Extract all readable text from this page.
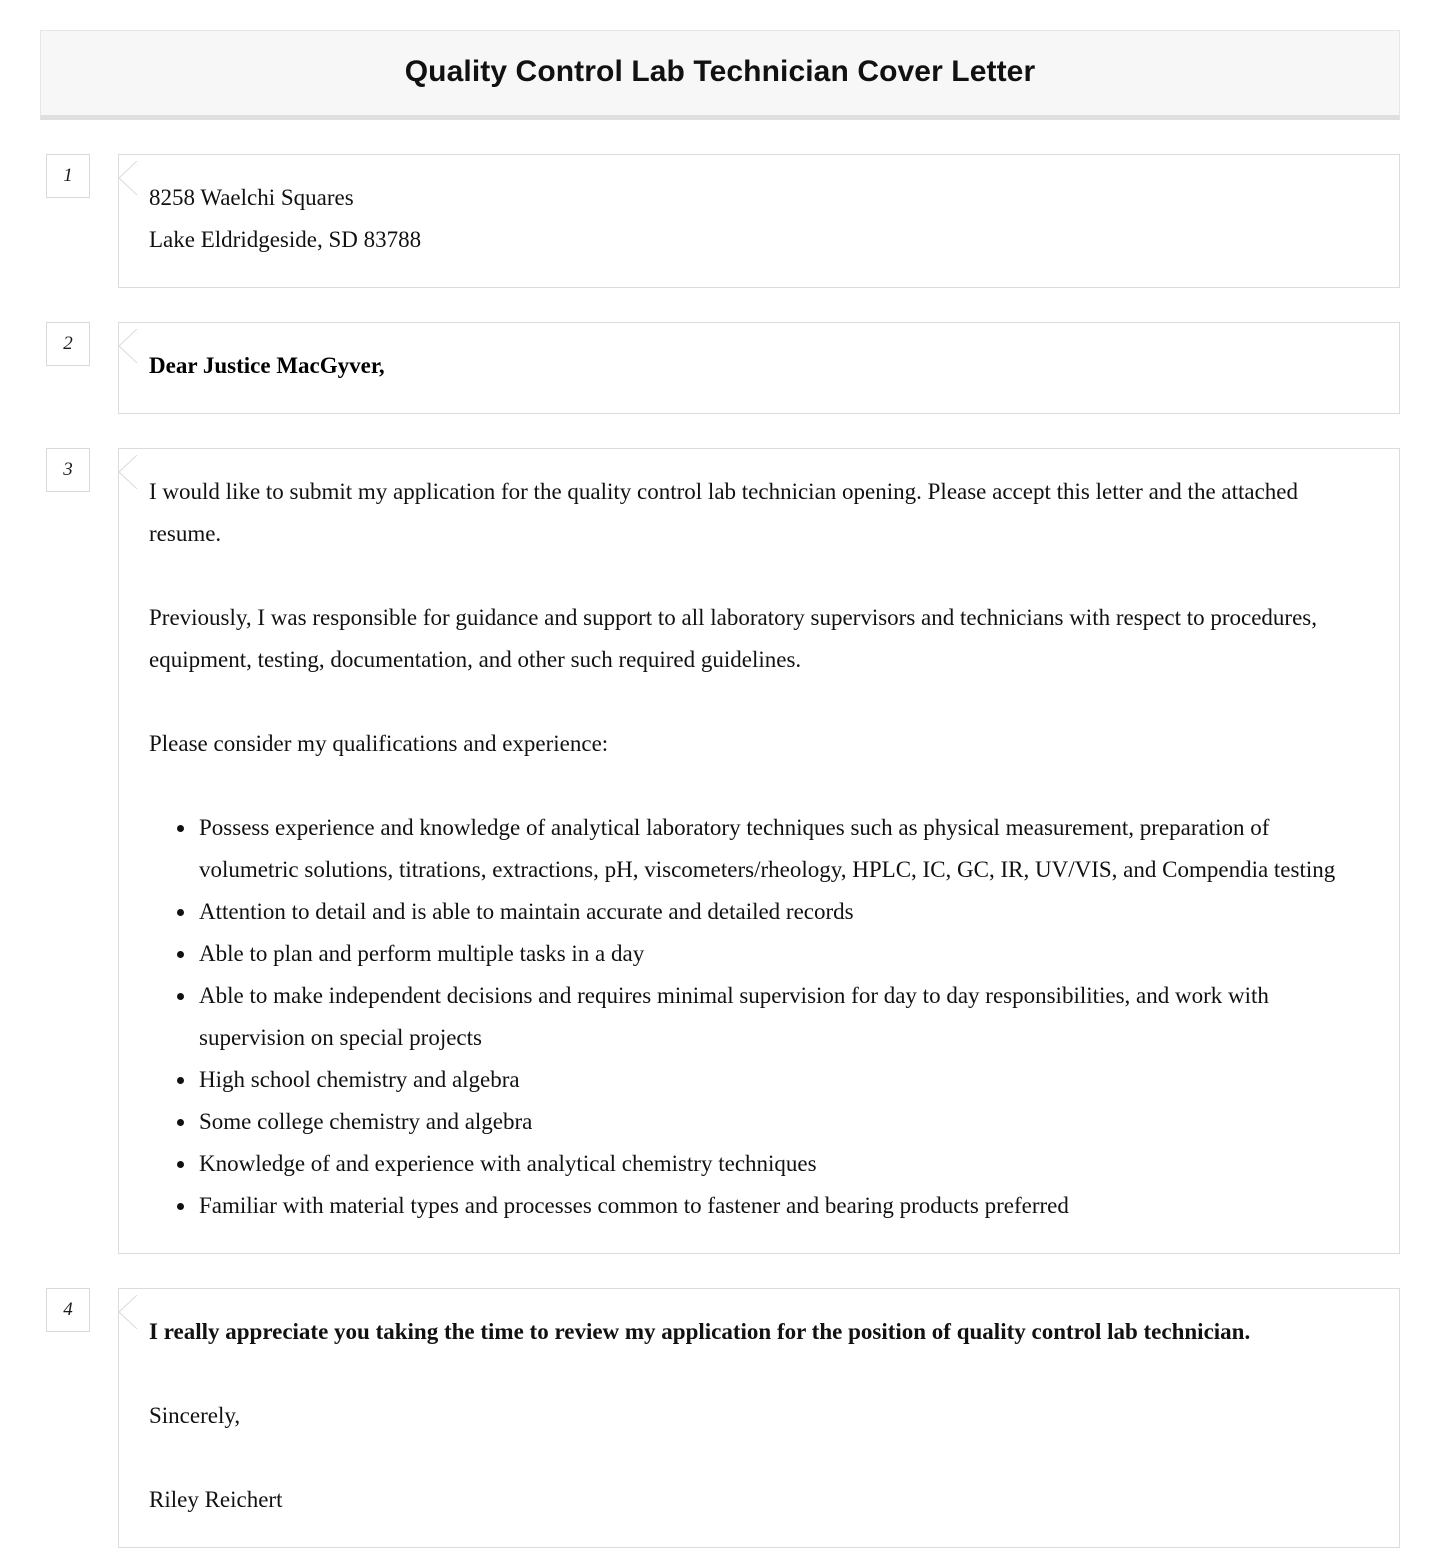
Quality Control Lab Technician Cover Letter
1

8258 Waelchi Squares

Lake Eldridgeside, SD 83788

2
Dear Justice MacGyver,
3

I would like to submit my application for the quality control lab technician opening. Please accept this letter and the attached resume.

Previously, I was responsible for guidance and support to all laboratory supervisors and technicians with respect to procedures, equipment, testing, documentation, and other such required guidelines.

Please consider my qualifications and experience:

• Possess experience and knowledge of analytical laboratory techniques such as physical measurement, preparation of volumetric solutions, titrations, extractions, pH, viscometers/rheology, HPLC, IC, GC, IR, UV/VIS, and Compendia testing
• Attention to detail and is able to maintain accurate and detailed records
• Able to plan and perform multiple tasks in a day
• Able to make independent decisions and requires minimal supervision for day to day responsibilities, and work with supervision on special projects
• High school chemistry and algebra
• Some college chemistry and algebra
• Knowledge of and experience with analytical chemistry techniques
• Familiar with material types and processes common to fastener and bearing products preferred
4

I really appreciate you taking the time to review my application for the position of quality control lab technician.

Sincerely,

Riley Reichert
